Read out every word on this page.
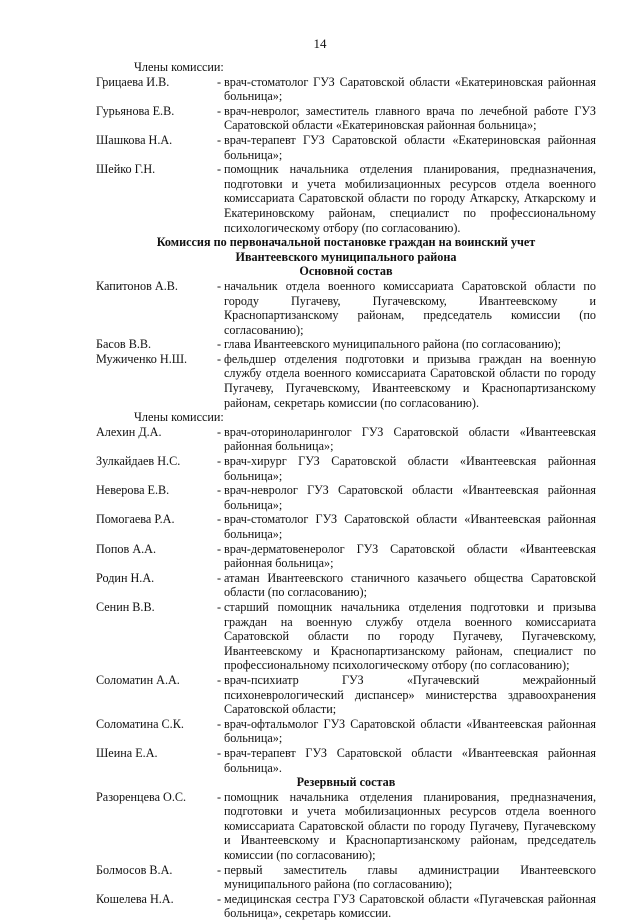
14
Члены комиссии:
Грицаева И.В.	- врач-стоматолог ГУЗ Саратовской области «Екатериновская районная больница»;
Гурьянова Е.В.	- врач-невролог, заместитель главного врача по лечебной работе ГУЗ Саратовской области «Екатериновская районная больница»;
Шашкова Н.А.	- врач-терапевт ГУЗ Саратовской области «Екатериновская районная больница»;
Шейко Г.Н.	- помощник начальника отделения планирования, предназначения, подготовки и учета мобилизационных ресурсов отдела военного комиссариата Саратовской области по городу Аткарску, Аткарскому и Екатериновскому районам, специалист по профессиональному психологическому отбору (по согласованию).
Комиссия по первоначальной постановке граждан на воинский учет
Ивантеевского муниципального района
Основной состав
Капитонов А.В.	- начальник отдела военного комиссариата Саратовской области по городу Пугачеву, Пугачевскому, Ивантеевскому и Краснопартизанскому районам, председатель комиссии (по согласованию);
Басов В.В.	- глава Ивантеевского муниципального района (по согласованию);
Мужиченко Н.Ш.	- фельдшер отделения подготовки и призыва граждан на военную службу отдела военного комиссариата Саратовской области по городу Пугачеву, Пугачевскому, Ивантеевскому и Краснопартизанскому районам, секретарь комиссии (по согласованию).
Члены комиссии:
Алехин Д.А.	- врач-оториноларинголог ГУЗ Саратовской области «Ивантеевская районная больница»;
Зулкайдаев Н.С.	- врач-хирург ГУЗ Саратовской области «Ивантеевская районная больница»;
Неверова Е.В.	- врач-невролог ГУЗ Саратовской области «Ивантеевская районная больница»;
Помогаева Р.А.	- врач-стоматолог ГУЗ Саратовской области «Ивантеевская районная больница»;
Попов А.А.	- врач-дерматовенеролог ГУЗ Саратовской области «Ивантеевская районная больница»;
Родин Н.А.	- атаман Ивантеевского станичного казачьего общества Саратовской области (по согласованию);
Сенин В.В.	- старший помощник начальника отделения подготовки и призыва граждан на военную службу отдела военного комиссариата Саратовской области по городу Пугачеву, Пугачевскому, Ивантеевскому и Краснопартизанскому районам, специалист по профессиональному психологическому отбору (по согласованию);
Соломатин А.А.	- врач-психиатр ГУЗ «Пугачевский межрайонный психоневрологический диспансер» министерства здравоохранения Саратовской области;
Соломатина С.К.	- врач-офтальмолог ГУЗ Саратовской области «Ивантеевская районная больница»;
Шеина Е.А.	- врач-терапевт ГУЗ Саратовской области «Ивантеевская районная больница».
Резервный состав
Разоренцева О.С.	- помощник начальника отделения планирования, предназначения, подготовки и учета мобилизационных ресурсов отдела военного комиссариата Саратовской области по городу Пугачеву, Пугачевскому и Ивантеевскому и Краснопартизанскому районам, председатель комиссии (по согласованию);
Болмосов В.А.	- первый заместитель главы администрации Ивантеевского муниципального района (по согласованию);
Кошелева Н.А.	- медицинская сестра ГУЗ Саратовской области «Пугачевская районная больница», секретарь комиссии.
